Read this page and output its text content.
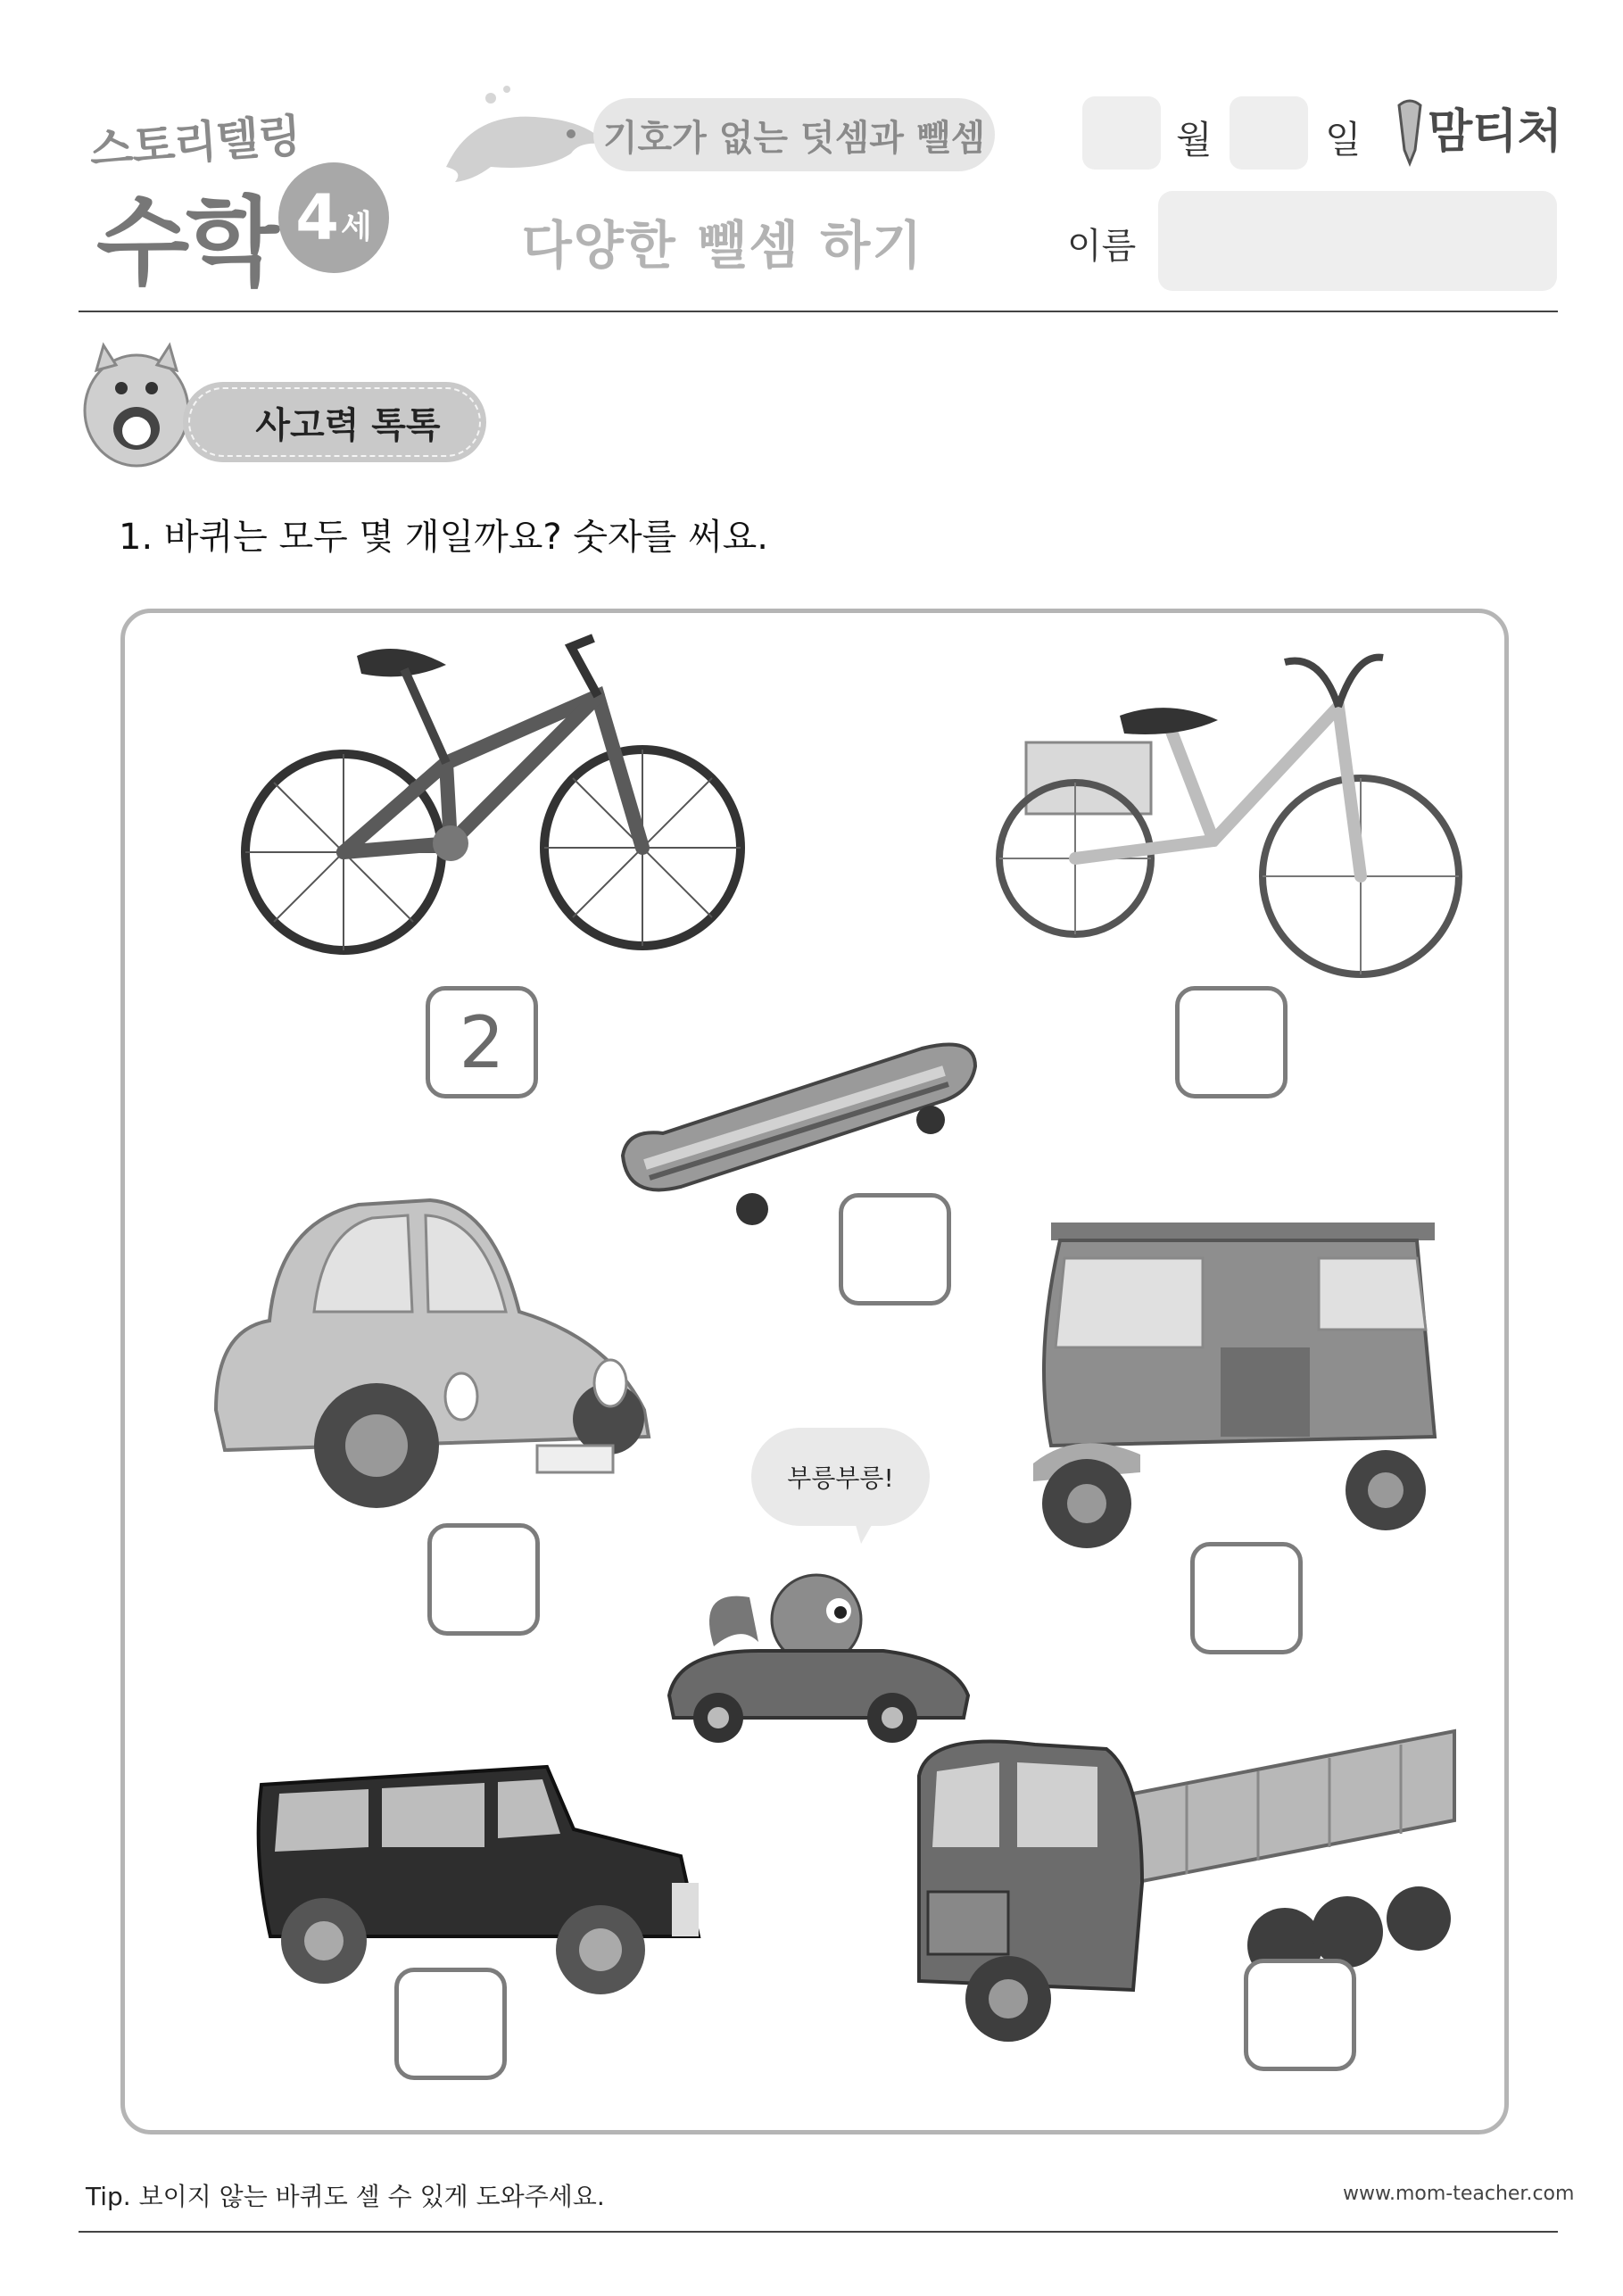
스토리텔링
수학 4 세
기호가 없는 덧셈과 뺄셈
다양한 뺄셈 하기
월	일 맘티처
이름
사고력 톡톡
1. 바퀴는 모두 몇 개일까요? 숫자를 써요.
2
부릉부릉!
Tip. 보이지 않는 바퀴도 셀 수 있게 도와주세요.	www.mom-teacher.com
